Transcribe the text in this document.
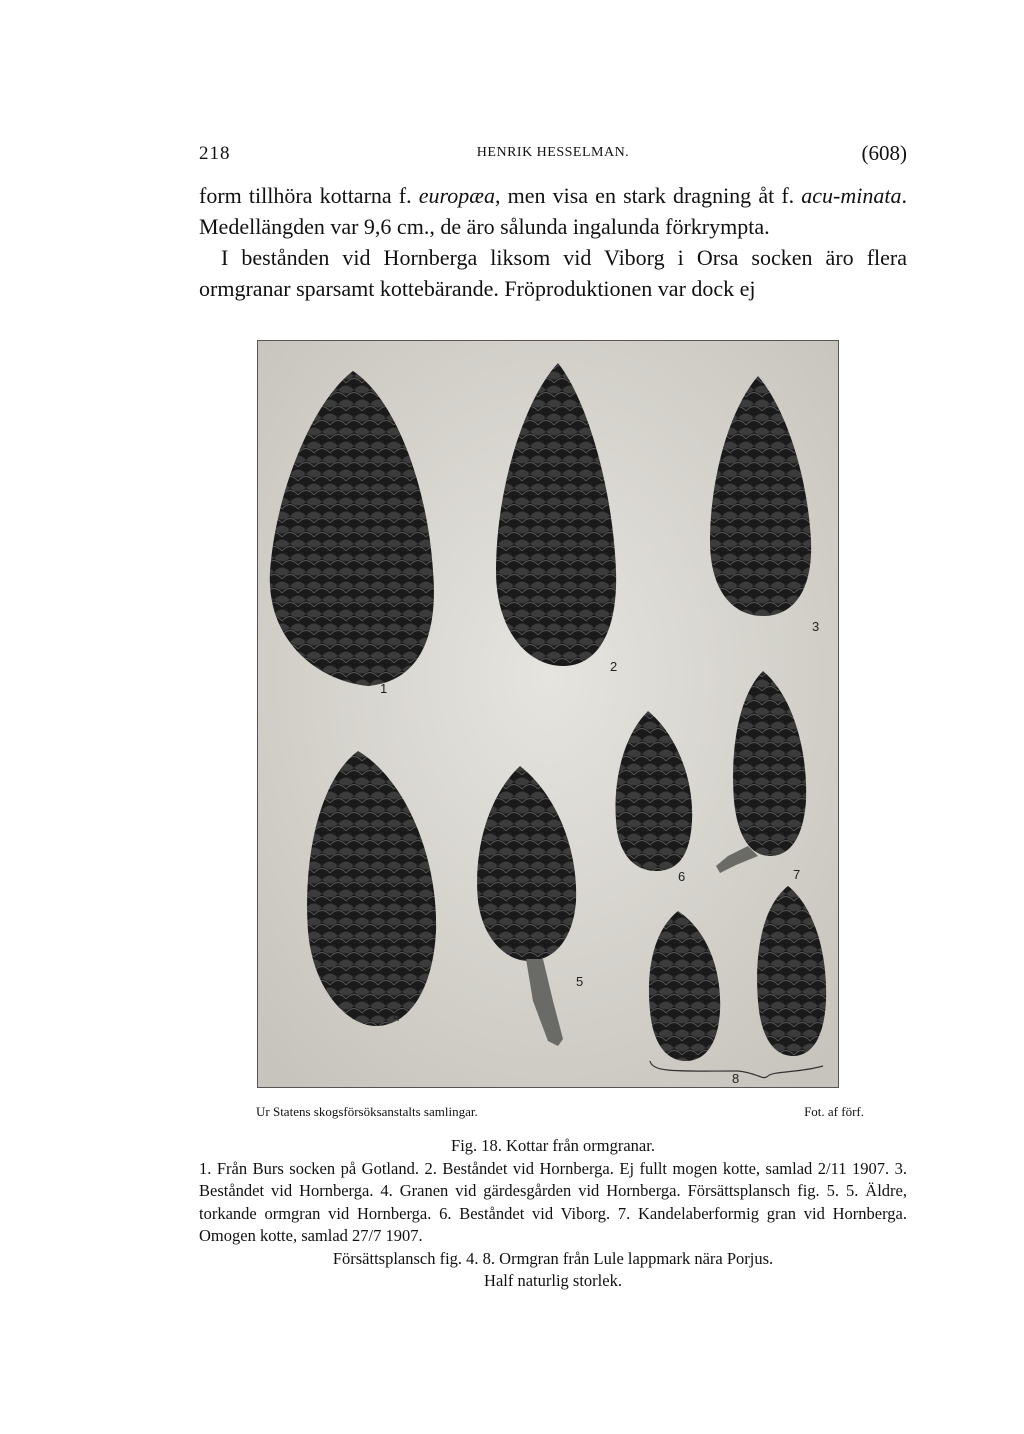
218	HENRIK HESSELMAN.	(608)

form tillhöra kottarna f. europæa, men visa en stark dragning åt f. acu-minata. Medellängden var 9,6 cm., de äro sålunda ingalunda förkrympta.

I bestånden vid Hornberga liksom vid Viborg i Orsa socken äro flera ormgranar sparsamt kottebärande. Fröproduktionen var dock ej

1
2
3
4
5
6	7
8
Ur Statens skogsförsöksanstalts samlingar.	Fot. af förf.
Fig. 18. Kottar från ormgranar.
1. Från Burs socken på Gotland. 2. Beståndet vid Hornberga. Ej fullt mogen kotte, samlad 2/11 1907. 3. Beståndet vid Hornberga. 4. Granen vid gärdesgården vid Hornberga. Försättsplansch fig. 5. 5. Äldre, torkande ormgran vid Hornberga. 6. Beståndet vid Viborg. 7. Kandelaberformig gran vid Hornberga. Omogen kotte, samlad 27/7 1907.
Försättsplansch fig. 4. 8. Ormgran från Lule lappmark nära Porjus.
Half naturlig storlek.
